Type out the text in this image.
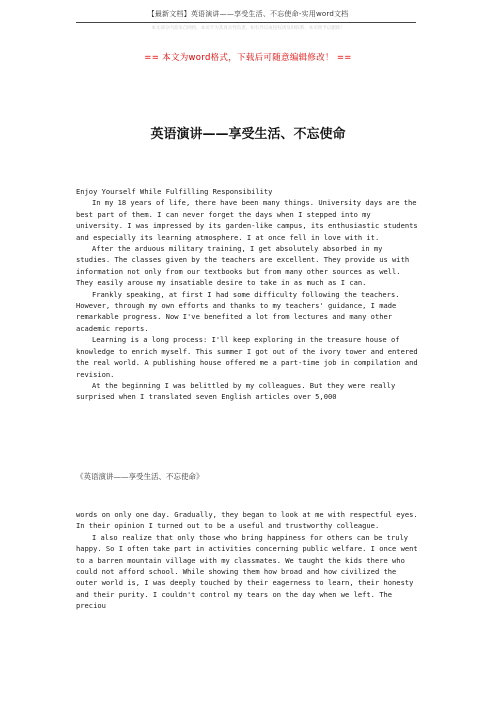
【最新文档】英语演讲——享受生活、不忘使命-实用word文档
本文部分内容来自网络，本司不为其真实性负责，如有异议或侵权请及时联系，本司将予以删除！
== 本文为word格式，下载后可随意编辑修改！ ==
英语演讲——享受生活、不忘使命

Enjoy Yourself While Fulfilling Responsibility

In my 18 years of life, there have been many things. University days are the best part of them. I can never forget the days when I stepped into my university. I was impressed by its garden-like campus, its enthusiastic students and especially its learning atmosphere. I at once fell in love with it.

After the arduous military training, I get absolutely absorbed in my studies. The classes given by the teachers are excellent. They provide us with information not only from our textbooks but from many other sources as well. They easily arouse my insatiable desire to take in as much as I can.

Frankly speaking, at first I had some difficulty following the teachers. However, through my own efforts and thanks to my teachers' guidance, I made remarkable progress. Now I've benefited a lot from lectures and many other academic reports.

Learning is a long process: I'll keep exploring in the treasure house of knowledge to enrich myself. This summer I got out of the ivory tower and entered the real world. A publishing house offered me a part-time job in compilation and revision.

At the beginning I was belittled by my colleagues. But they were really surprised when I translated seven English articles over 5,000

《英语演讲——享受生活、不忘使命》

words on only one day. Gradually, they began to look at me with respectful eyes. In their opinion I turned out to be a useful and trustworthy colleague.

I also realize that only those who bring happiness for others can be truly happy. So I often take part in activities concerning public welfare. I once went to a barren mountain village with my classmates. We taught the kids there who could not afford school. While showing them how broad and how civilized the outer world is, I was deeply touched by their eagerness to learn, their honesty and their purity. I couldn't control my tears on the day when we left. The preciou
